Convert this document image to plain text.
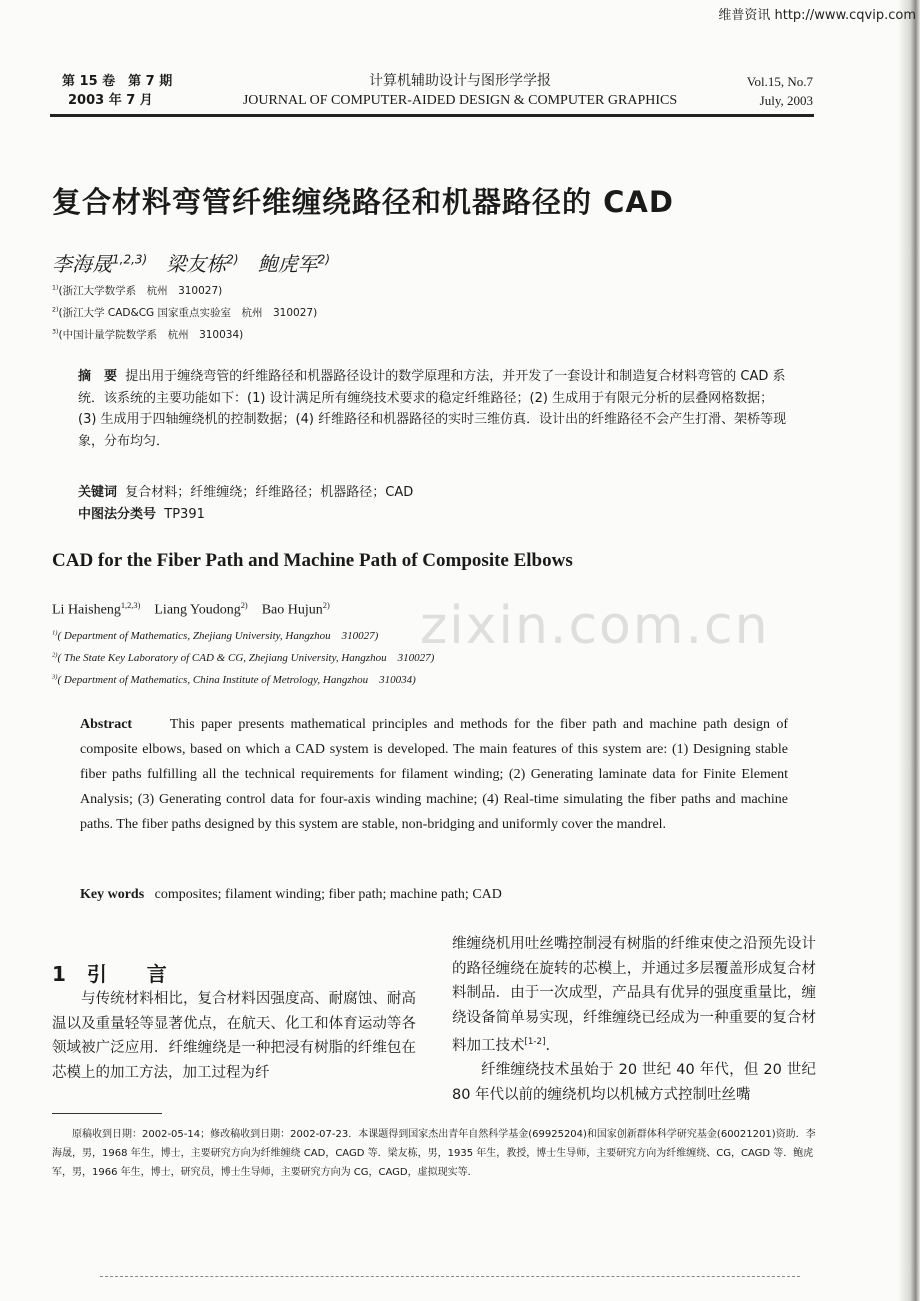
维普资讯 http://www.cqvip.com
zixin.com.cn
第 15 卷　第 7 期
2003 年 7 月
计算机辅助设计与图形学学报
JOURNAL OF COMPUTER-AIDED DESIGN & COMPUTER GRAPHICS
Vol.15, No.7
July, 2003
复合材料弯管纤维缠绕路径和机器路径的 CAD
李海晟$^{1,2,3)}$ 梁友栋$^{2)}$ 鲍虎军$^{2)}$
$^{1)}$(浙江大学数学系　杭州　310027)
$^{2)}$(浙江大学 CAD&CG 国家重点实验室　杭州　310027)
$^{3)}$(中国计量学院数学系　杭州　310034)
摘　要 提出用于缠绕弯管的纤维路径和机器路径设计的数学原理和方法，并开发了一套设计和制造复合材料弯管的 CAD 系统．该系统的主要功能如下：(1) 设计满足所有缠绕技术要求的稳定纤维路径；(2) 生成用于有限元分析的层叠网格数据；(3) 生成用于四轴缠绕机的控制数据；(4) 纤维路径和机器路径的实时三维仿真．设计出的纤维路径不会产生打滑、架桥等现象，分布均匀．
关键词 复合材料；纤维缠绕；纤维路径；机器路径；CAD
中图法分类号 TP391
CAD for the Fiber Path and Machine Path of Composite Elbows
Li Haisheng$^{1,2,3)}$ Liang Youdong$^{2)}$ Bao Hujun$^{2)}$
$^{1)}$( Department of Mathematics, Zhejiang University, Hangzhou　310027)
$^{2)}$( The State Key Laboratory of CAD & CG, Zhejiang University, Hangzhou　310027)
$^{3)}$( Department of Mathematics, China Institute of Metrology, Hangzhou　310034)
Abstract	This paper presents mathematical principles and methods for the fiber path and machine path design of composite elbows, based on which a CAD system is developed. The main features of this system are: (1) Designing stable fiber paths fulfilling all the technical requirements for filament winding; (2) Generating laminate data for Finite Element Analysis; (3) Generating control data for four-axis winding machine; (4) Real-time simulating the fiber paths and machine paths. The fiber paths designed by this system are stable, non-bridging and uniformly cover the mandrel.
Key words composites; filament winding; fiber path; machine path; CAD
1 引　　言
与传统材料相比，复合材料因强度高、耐腐蚀、耐高温以及重量轻等显著优点，在航天、化工和体育运动等各领域被广泛应用．纤维缠绕是一种把浸有树脂的纤维包在芯模上的加工方法，加工过程为纤

维缠绕机用吐丝嘴控制浸有树脂的纤维束使之沿预先设计的路径缠绕在旋转的芯模上，并通过多层覆盖形成复合材料制品．由于一次成型，产品具有优异的强度重量比，缠绕设备简单易实现，纤维缠绕已经成为一种重要的复合材料加工技术[1-2]．

纤维缠绕技术虽始于 20 世纪 40 年代，但 20 世纪 80 年代以前的缠绕机均以机械方式控制吐丝嘴

原稿收到日期：2002-05-14；修改稿收到日期：2002-07-23．本课题得到国家杰出青年自然科学基金(69925204)和国家创新群体科学研究基金(60021201)资助．李海晟，男，1968 年生，博士，主要研究方向为纤维缠绕 CAD，CAGD 等．梁友栋，男，1935 年生，教授，博士生导师，主要研究方向为纤维缠绕、CG，CAGD 等．鲍虎军，男，1966 年生，博士，研究员，博士生导师，主要研究方向为 CG，CAGD，虚拟现实等．
